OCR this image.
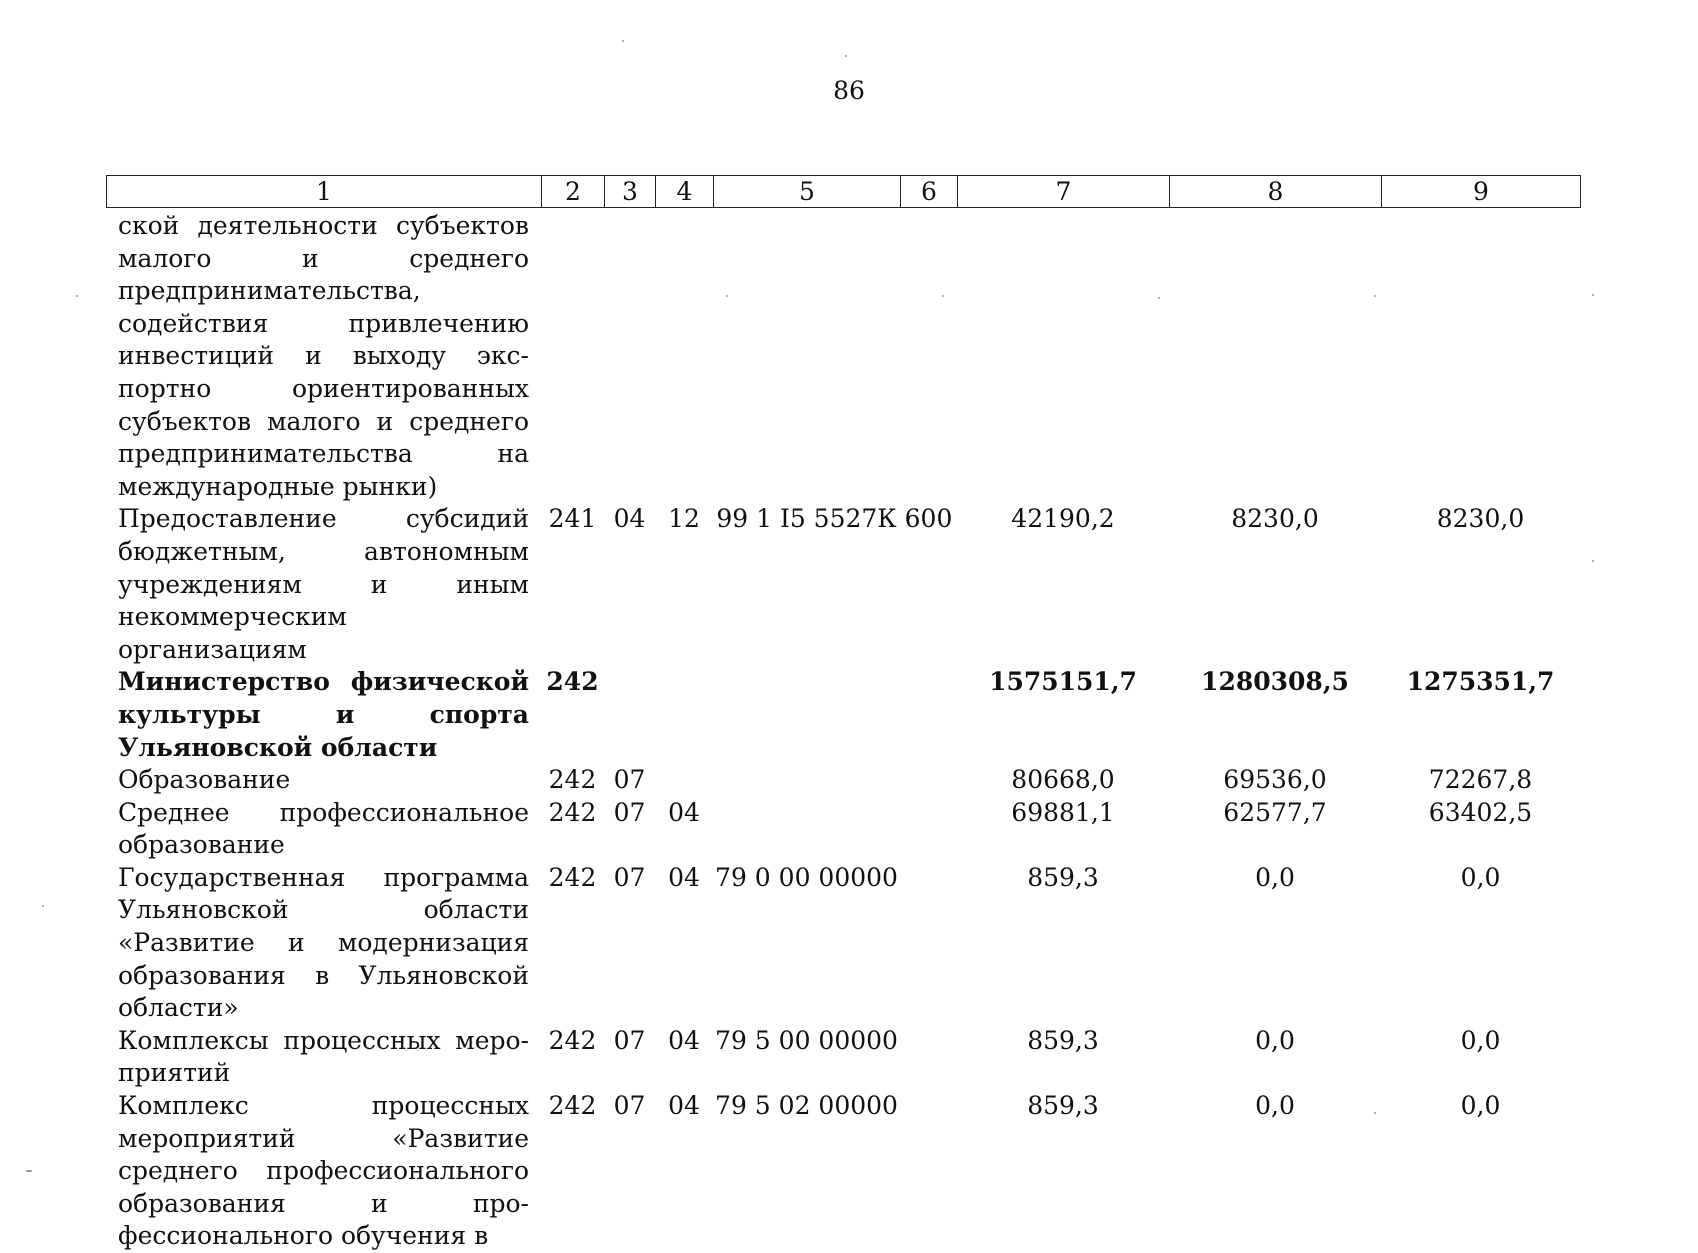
86
1	2	3	4	5	6	7	8	9
ской деятельности субъектов малого и среднего предпринимательства, содействия привлечению инвестиций и выходу экспортно ориентированных субъектов малого и среднего предпринимательства на международные рынки)								
Предоставление субсидий бюджетным, автономным учреждениям и иным некоммерческим организациям	241	04	12	99 1 I5 5527К	600	42190,2	8230,0	8230,0
Министерство физической культуры и спорта Ульяновской области	242					1575151,7	1280308,5	1275351,7
Образование	242	07				80668,0	69536,0	72267,8
Среднее профессиональное образование	242	07	04			69881,1	62577,7	63402,5
Государственная программа Ульяновской области «Развитие и модернизация образования в Ульяновской области»	242	07	04	79 0 00 00000		859,3	0,0	0,0
Комплексы процессных мероприятий	242	07	04	79 5 00 00000		859,3	0,0	0,0
Комплекс процессных мероприятий «Развитие среднего профессионального образования и профессионального обучения в	242	07	04	79 5 02 00000		859,3	0,0	0,0
